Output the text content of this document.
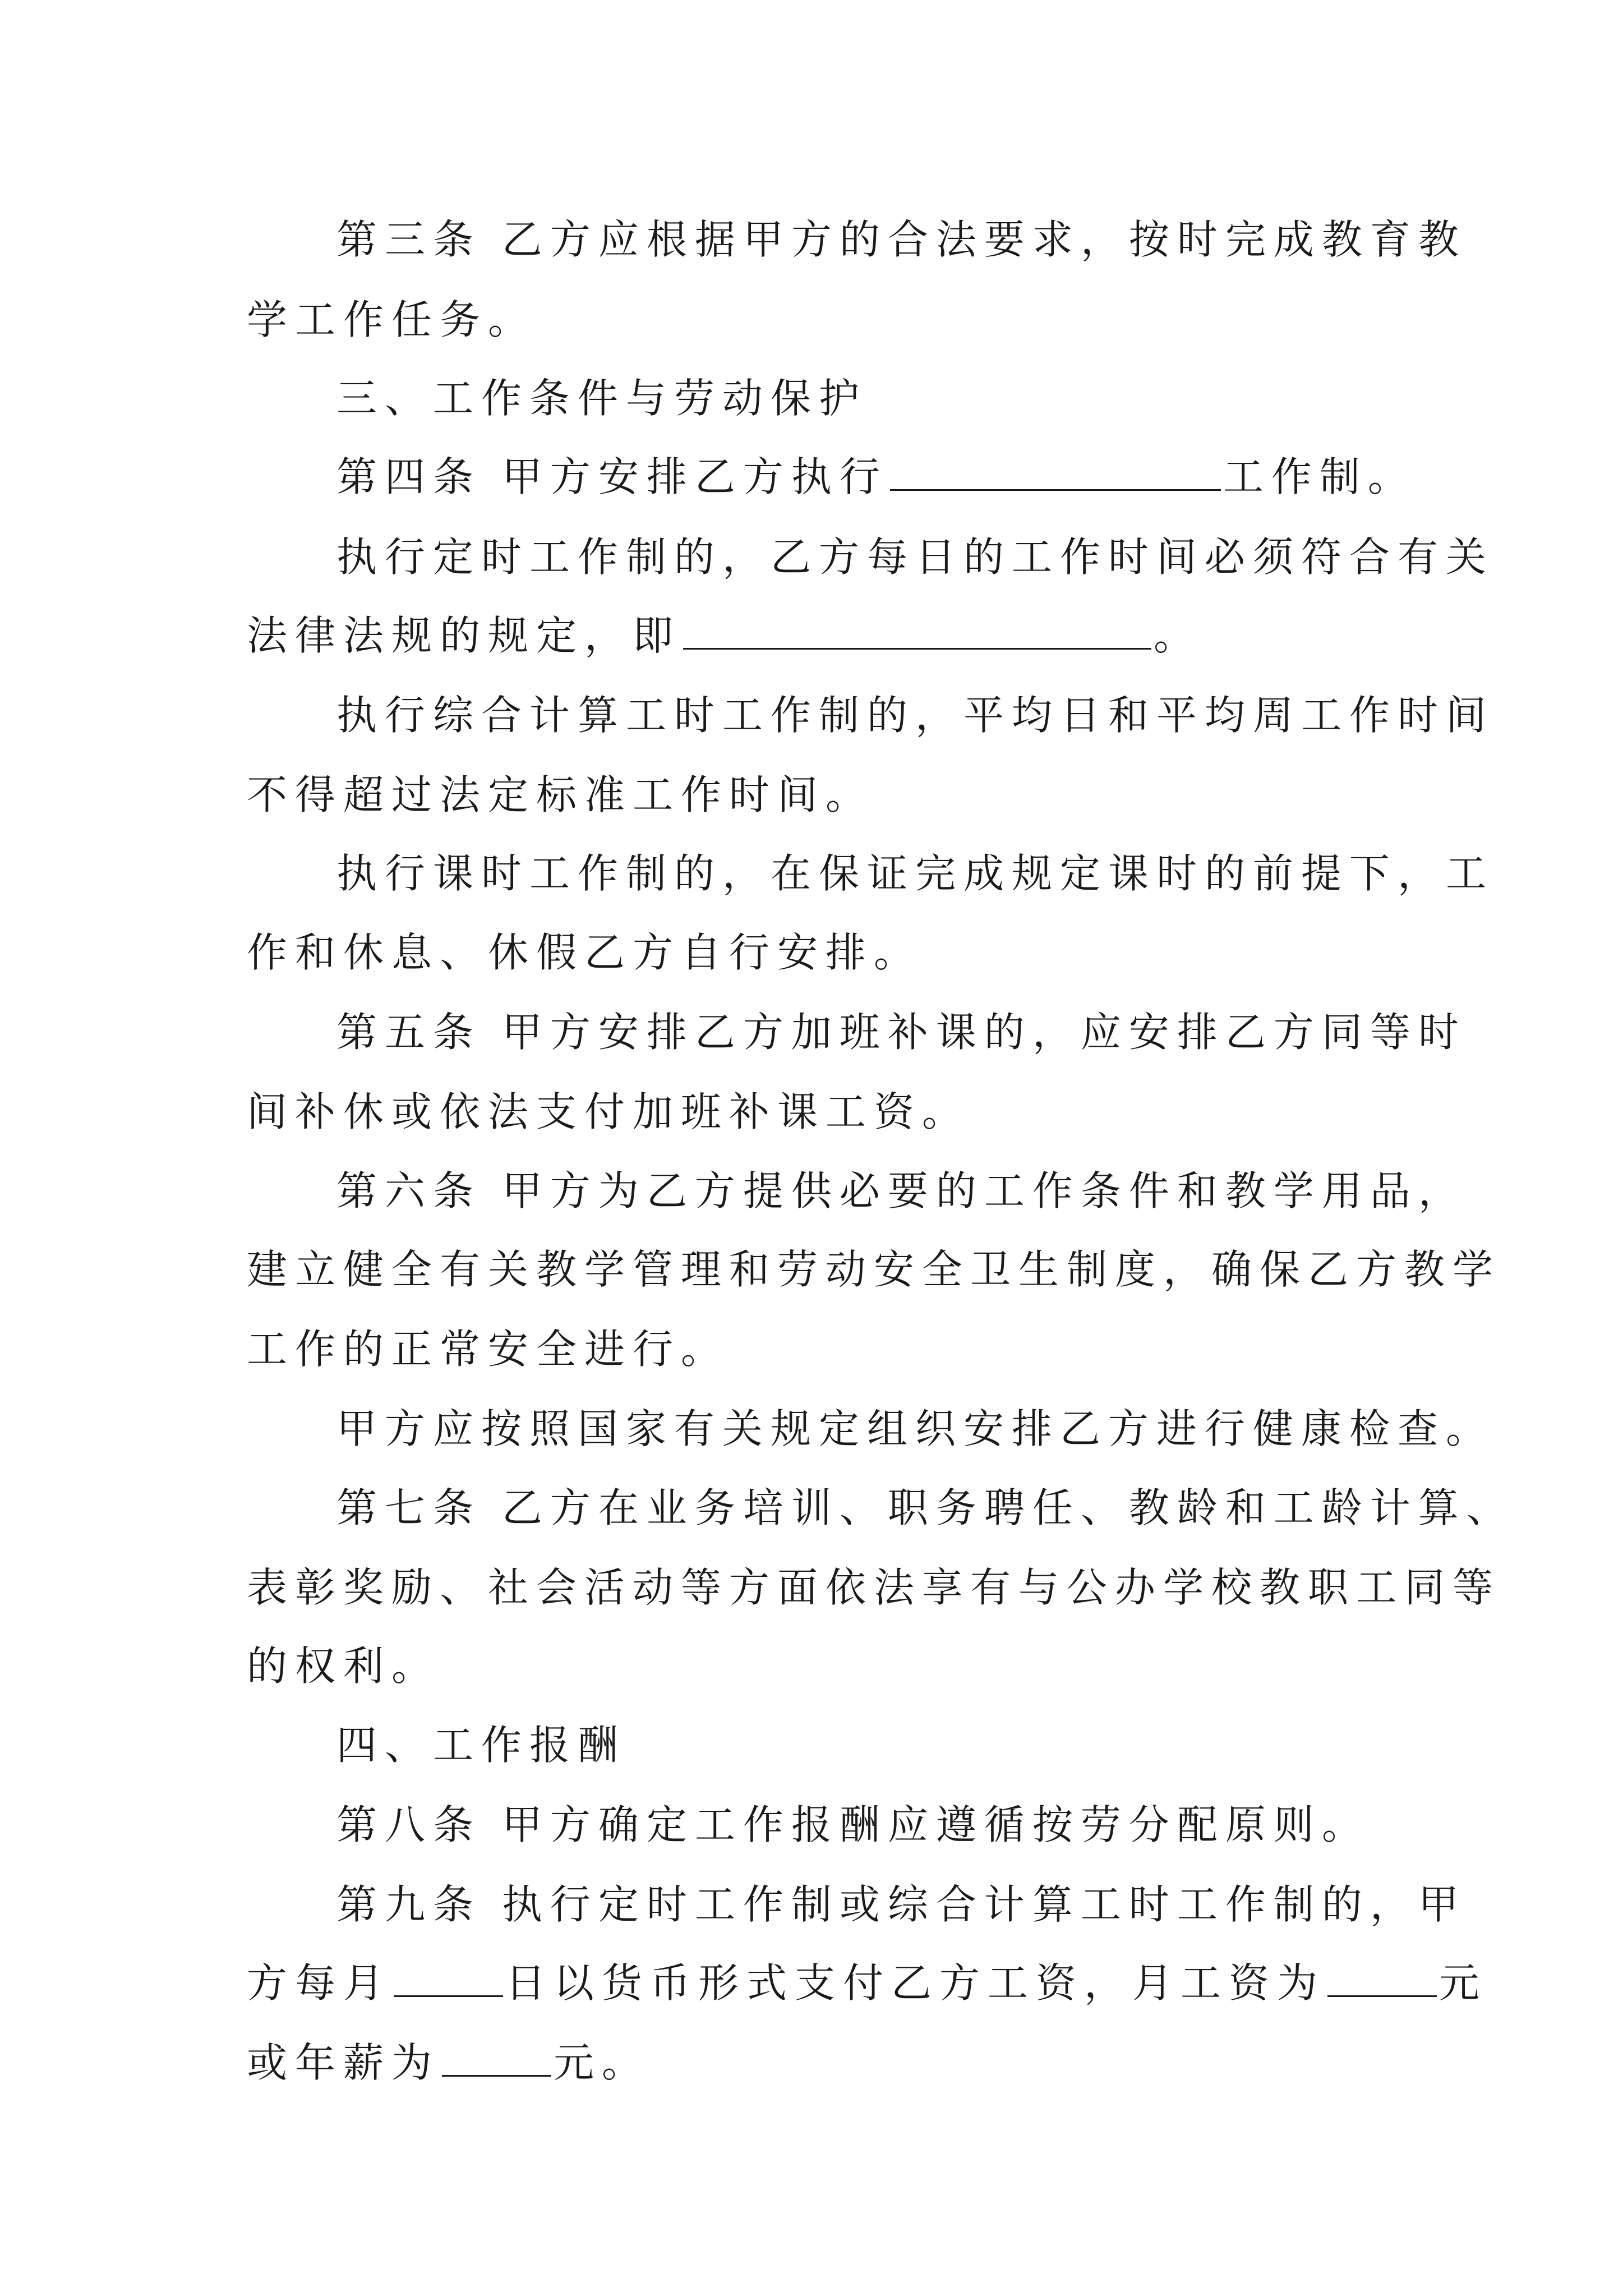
第三条 乙方应根据甲方的合法要求，按时完成教育教
学工作任务。
三、工作条件与劳动保护
第四条 甲方安排乙方执行	工作制。
执行定时工作制的，乙方每日的工作时间必须符合有关
法律法规的规定，即	。
执行综合计算工时工作制的，平均日和平均周工作时间
不得超过法定标准工作时间。
执行课时工作制的，在保证完成规定课时的前提下，工
作和休息、休假乙方自行安排。
第五条 甲方安排乙方加班补课的，应安排乙方同等时
间补休或依法支付加班补课工资。
第六条 甲方为乙方提供必要的工作条件和教学用品，
建立健全有关教学管理和劳动安全卫生制度，确保乙方教学
工作的正常安全进行。
甲方应按照国家有关规定组织安排乙方进行健康检查。
第七条 乙方在业务培训、职务聘任、教龄和工龄计算、
表彰奖励、社会活动等方面依法享有与公办学校教职工同等
的权利。
四、工作报酬
第八条 甲方确定工作报酬应遵循按劳分配原则。
第九条 执行定时工作制或综合计算工时工作制的，甲
方每月	日以货币形式支付乙方工资，月工资为	元
或年薪为	元。
